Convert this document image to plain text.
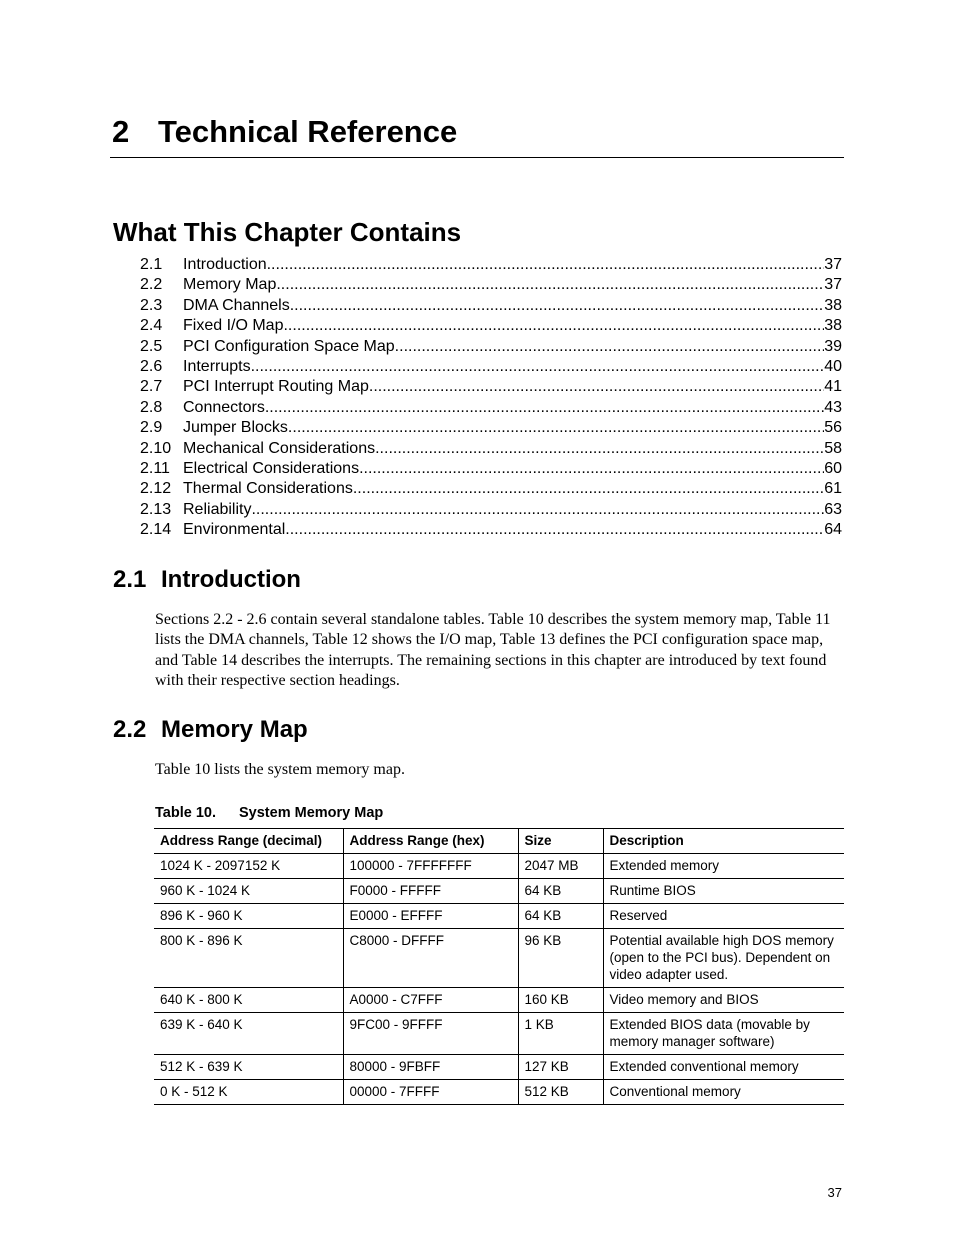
2 Technical Reference
What This Chapter Contains
2.1	Introduction .....	37
2.2	Memory Map .....	37
2.3	DMA Channels .....	38
2.4	Fixed I/O Map .....	38
2.5	PCI Configuration Space Map .....	39
2.6	Interrupts .....	40
2.7	PCI Interrupt Routing Map .....	41
2.8	Connectors .....	43
2.9	Jumper Blocks .....	56
2.10 Mechanical Considerations .....	58
2.11 Electrical Considerations .....	60
2.12 Thermal Considerations .....	61
2.13 Reliability .....	63
2.14 Environmental .....	64
2.1 Introduction

Sections 2.2 - 2.6 contain several standalone tables. Table 10 describes the system memory map, Table 11 lists the DMA channels, Table 12 shows the I/O map, Table 13 defines the PCI configuration space map, and Table 14 describes the interrupts. The remaining sections in this chapter are introduced by text found with their respective section headings.

2.2 Memory Map

Table 10 lists the system memory map.

Table 10. System Memory Map

Address Range (decimal)	Address Range (hex)	Size	Description
1024 K - 2097152 K	100000 - 7FFFFFFF	2047 MB	Extended memory
960 K - 1024 K	F0000 - FFFFF	64 KB	Runtime BIOS
896 K - 960 K	E0000 - EFFFF	64 KB	Reserved
800 K - 896 K	C8000 - DFFFF	96 KB	Potential available high DOS memory (open to the PCI bus). Dependent on video adapter used.
640 K - 800 K	A0000 - C7FFF	160 KB	Video memory and BIOS
639 K - 640 K	9FC00 - 9FFFF	1 KB	Extended BIOS data (movable by memory manager software)
512 K - 639 K	80000 - 9FBFF	127 KB	Extended conventional memory
0 K - 512 K	00000 - 7FFFF	512 KB	Conventional memory
37
